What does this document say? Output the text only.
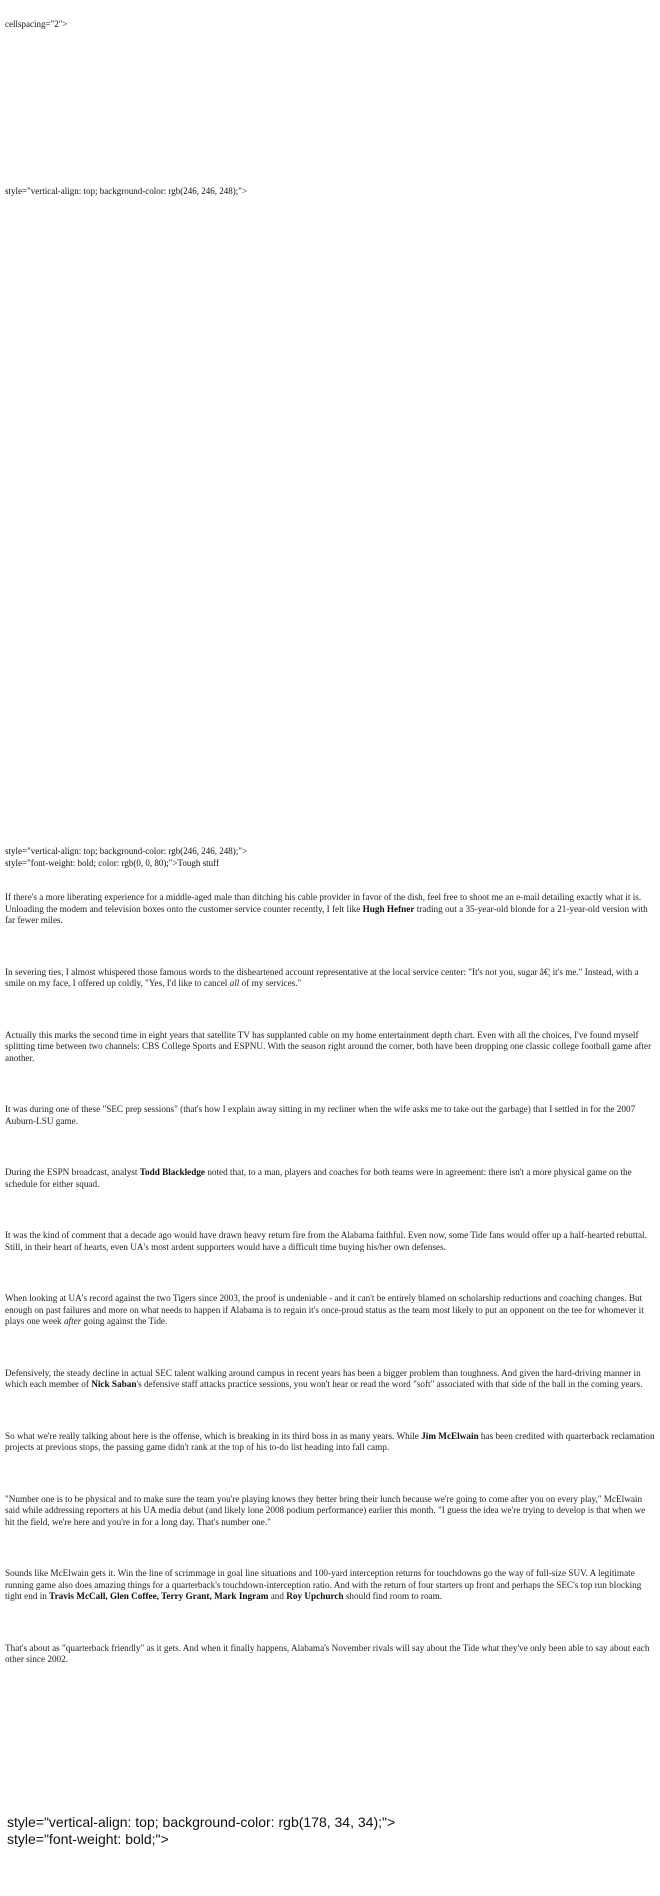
cellspacing="2">
style="vertical-align: top; background-color: rgb(246, 246, 248);">
style="vertical-align: top; background-color: rgb(246, 246, 248);">
style="font-weight: bold; color: rgb(0, 0, 80);">Tough stuff

If there's a more liberating experience for a middle-aged male than ditching his cable provider in favor of the dish, feel free to shoot me an e-mail detailing exactly what it is. Unloading the modem and television boxes onto the customer service counter recently, I felt like Hugh Hefner trading out a 35-year-old blonde for a 21-year-old version with far fewer miles.

In severing ties, I almost whispered those famous words to the disheartened account representative at the local service center: "It's not you, sugar â€¦ it's me." Instead, with a smile on my face, I offered up coldly, "Yes, I'd like to cancel all of my services."

Actually this marks the second time in eight years that satellite TV has supplanted cable on my home entertainment depth chart. Even with all the choices, I've found myself splitting time between two channels: CBS College Sports and ESPNU. With the season right around the corner, both have been dropping one classic college football game after another.

It was during one of these "SEC prep sessions" (that's how I explain away sitting in my recliner when the wife asks me to take out the garbage) that I settled in for the 2007 Auburn-LSU game.

During the ESPN broadcast, analyst Todd Blackledge noted that, to a man, players and coaches for both teams were in agreement: there isn't a more physical game on the schedule for either squad.

It was the kind of comment that a decade ago would have drawn heavy return fire from the Alabama faithful. Even now, some Tide fans would offer up a half-hearted rebuttal. Still, in their heart of hearts, even UA's most ardent supporters would have a difficult time buying his/her own defenses.

When looking at UA's record against the two Tigers since 2003, the proof is undeniable - and it can't be entirely blamed on scholarship reductions and coaching changes. But enough on past failures and more on what needs to happen if Alabama is to regain it's once-proud status as the team most likely to put an opponent on the tee for whomever it plays one week after going against the Tide.

Defensively, the steady decline in actual SEC talent walking around campus in recent years has been a bigger problem than toughness. And given the hard-driving manner in which each member of Nick Saban's defensive staff attacks practice sessions, you won't hear or read the word "soft" associated with that side of the ball in the coming years.

So what we're really talking about here is the offense, which is breaking in its third boss in as many years. While Jim McElwain has been credited with quarterback reclamation projects at previous stops, the passing game didn't rank at the top of his to-do list heading into fall camp.

"Number one is to be physical and to make sure the team you're playing knows they better bring their lunch because we're going to come after you on every play," McElwain said while addressing reporters at his UA media debut (and likely lone 2008 podium performance) earlier this month. "I guess the idea we're trying to develop is that when we hit the field, we're here and you're in for a long day. That's number one."

Sounds like McElwain gets it. Win the line of scrimmage in goal line situations and 100-yard interception returns for touchdowns go the way of full-size SUV. A legitimate running game also does amazing things for a quarterback's touchdown-interception ratio. And with the return of four starters up front and perhaps the SEC's top run blocking tight end in Travis McCall, Glen Coffee, Terry Grant, Mark Ingram and Roy Upchurch should find room to roam.

That's about as "quarterback friendly" as it gets. And when it finally happens, Alabama's November rivals will say about the Tide what they've only been able to say about each other since 2002.

style="vertical-align: top; background-color: rgb(178, 34, 34);">
style="font-weight: bold;">
